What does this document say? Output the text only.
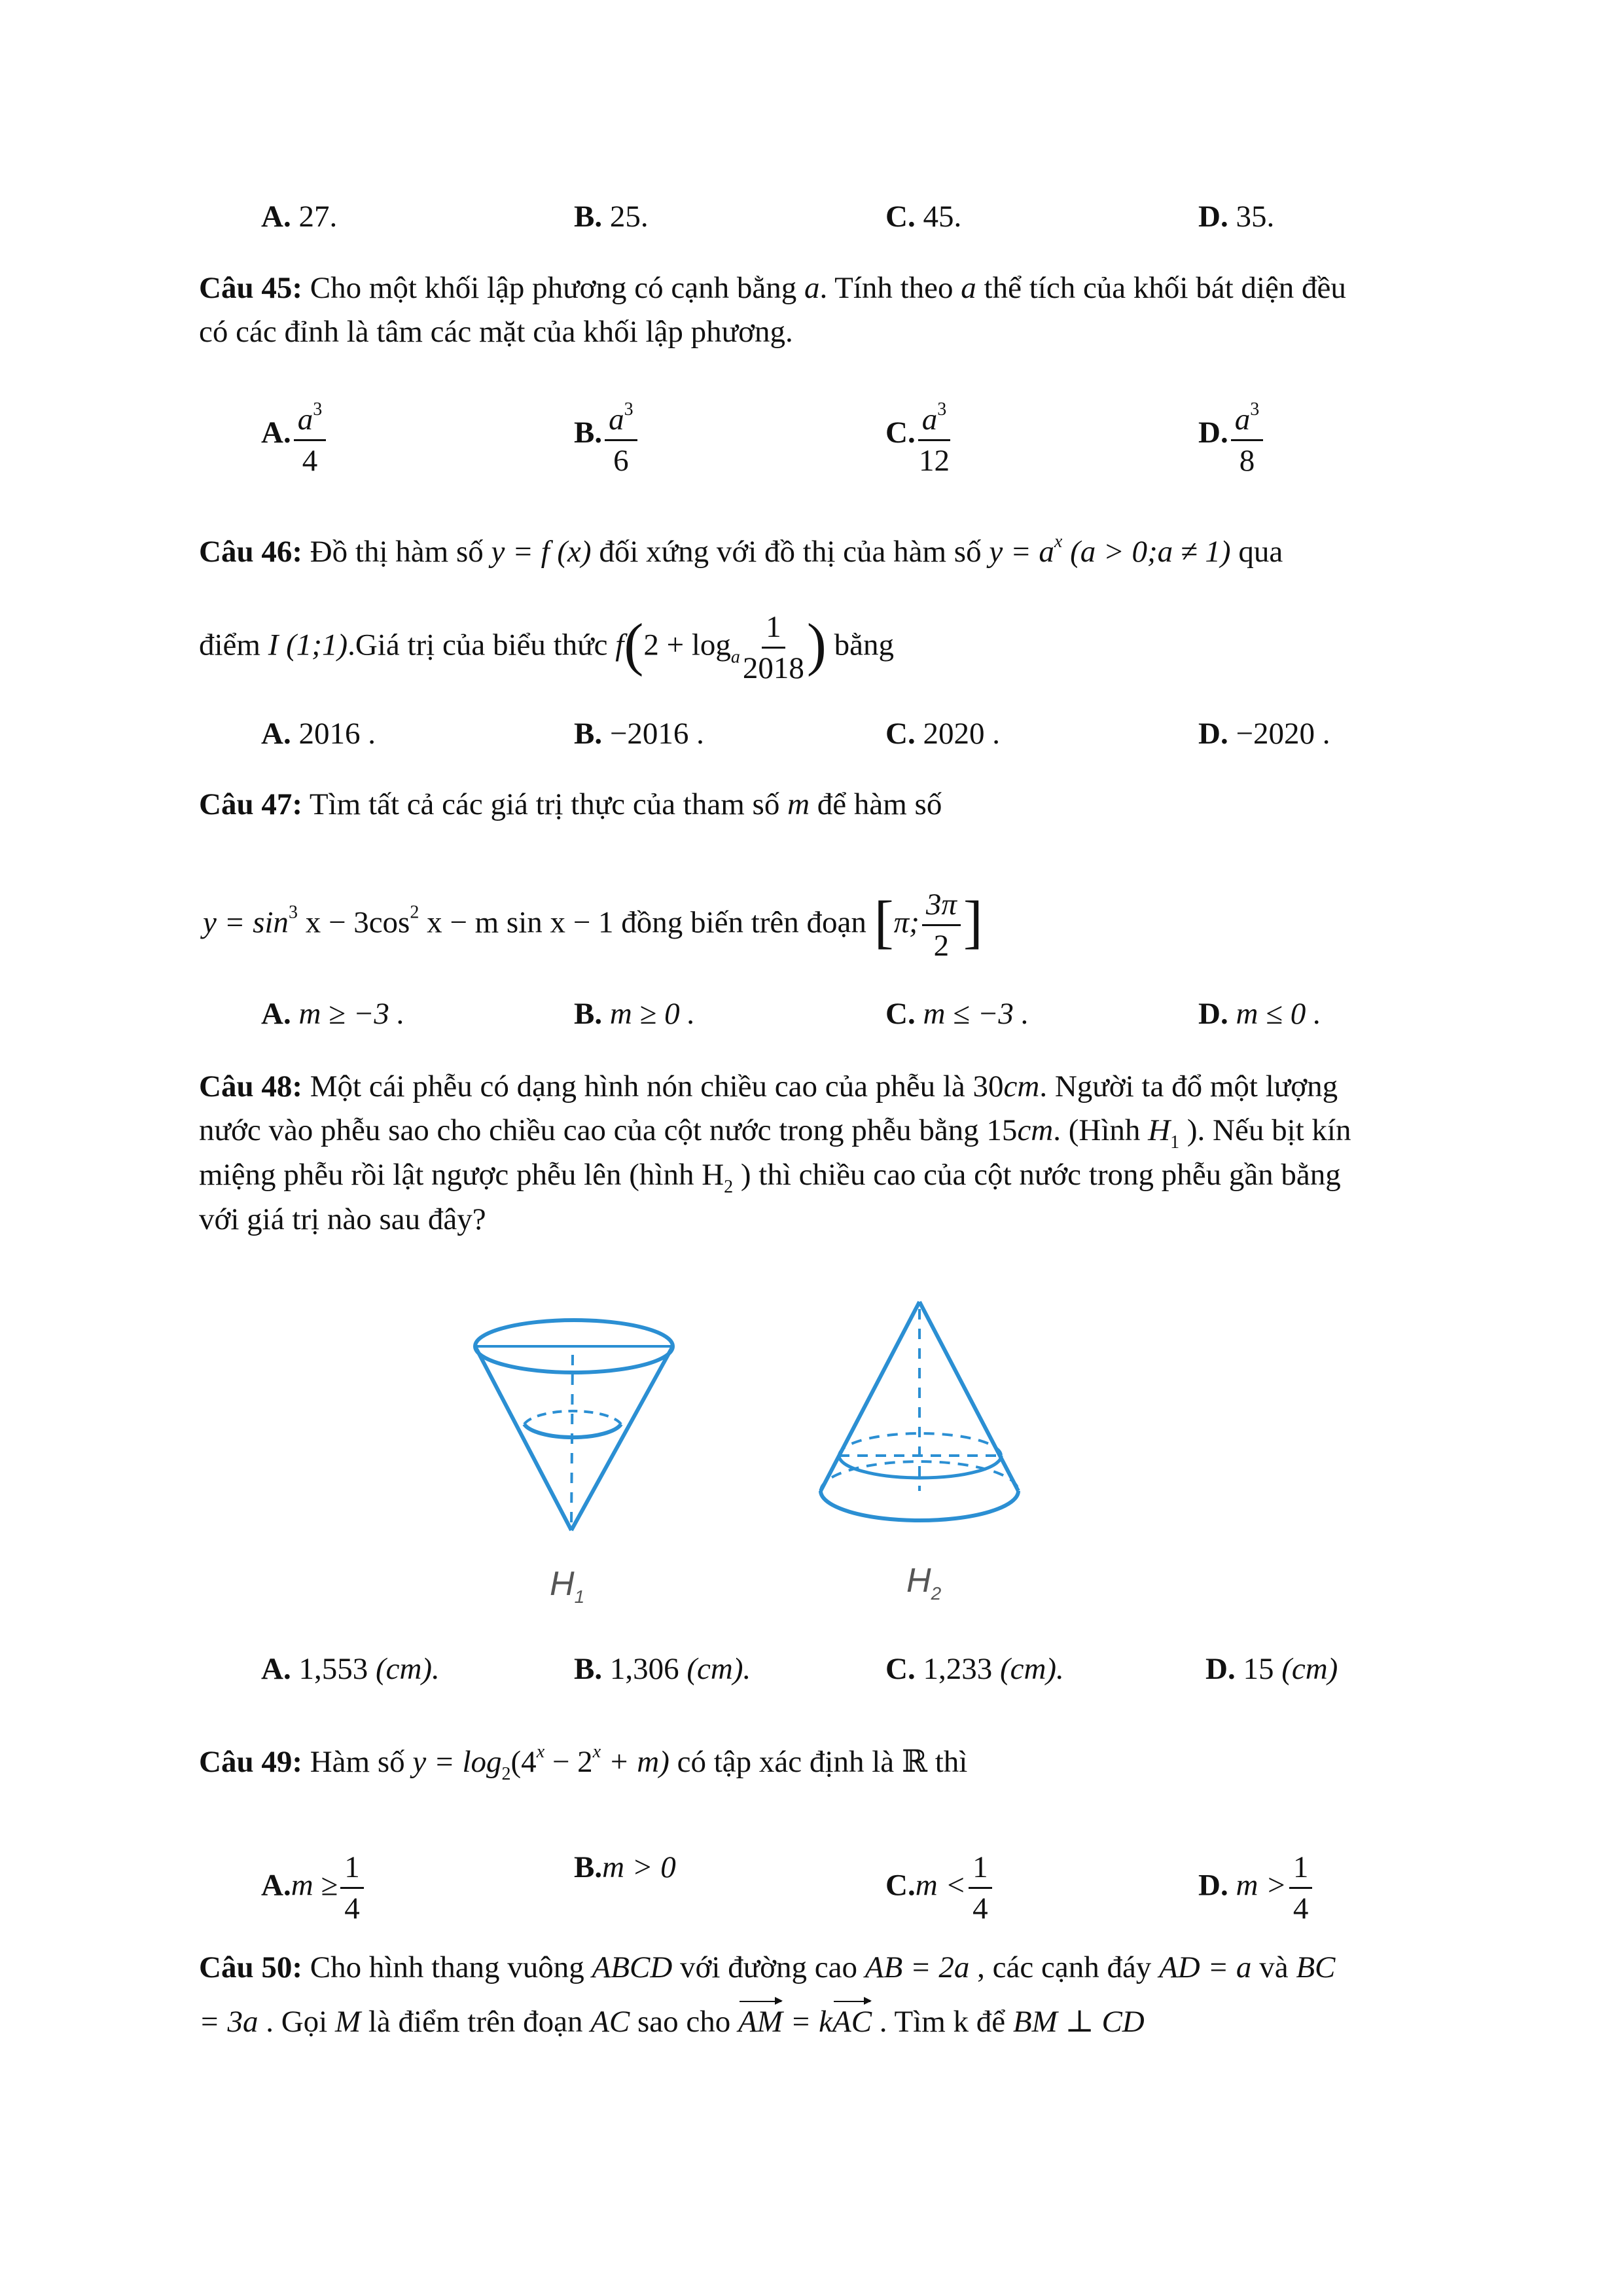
A. 27.	B. 25.	C. 45.	D. 35.
Câu 45: Cho một khối lập phương có cạnh bằng a. Tính theo a thể tích của khối bát diện đều
có các đỉnh là tâm các mặt của khối lập phương.
A. $\frac{a^3}{4}$	B. $\frac{a^3}{6}$	C. $\frac{a^3}{12}$	D. $\frac{a^3}{8}$
Câu 46: Đồ thị hàm số y = f (x) đối xứng với đồ thị của hàm số $y = a^x$ (a > 0;a ≠ 1) qua
điểm I (1;1).Giá trị của biểu thức $f(2 + \log_a \frac{1}{2018}$ ) bằng
A. 2016 .	B. −2016 .	C. 2020 .	D. −2020 .
Câu 47: Tìm tất cả các giá trị thực của tham số m để hàm số
$y = \sin^3 x - 3\cos^2$ x − m sin x − 1 đồng biến trên đoạn [π; $\frac{3\pi}{2}$ ]
A. m ≥ −3 .	B. m ≥ 0 .	C. m ≤ −3 .	D. m ≤ 0 .
Câu 48: Một cái phễu có dạng hình nón chiều cao của phễu là 30cm. Người ta đổ một lượng
nước vào phễu sao cho chiều cao của cột nước trong phễu bằng 15cm. (Hình $H_1$ ). Nếu bịt kín
miệng phễu rồi lật ngược phễu lên (hình $H_2$ ) thì chiều cao của cột nước trong phễu gần bằng
với giá trị nào sau đây?
$H_1$	$H_2$
A. 1,553 (cm).	B. 1,306 (cm).	C. 1,233 (cm).	D. 15 (cm)
Câu 49: Hàm số $y = \log_2(4^x - 2^x + m)$ có tập xác định là ℝ thì
$A.m \ge \frac{1}{4}$	B.m > 0
$C.m < \frac{1}{4}$	D. $m > \frac{1}{4}$
Câu 50: Cho hình thang vuông ABCD với đường cao AB = 2a , các cạnh đáy AD = a và BC
= 3a . Gọi M là điểm trên đoạn AC sao cho AM = kAC . Tìm k để BM ⊥ CD
